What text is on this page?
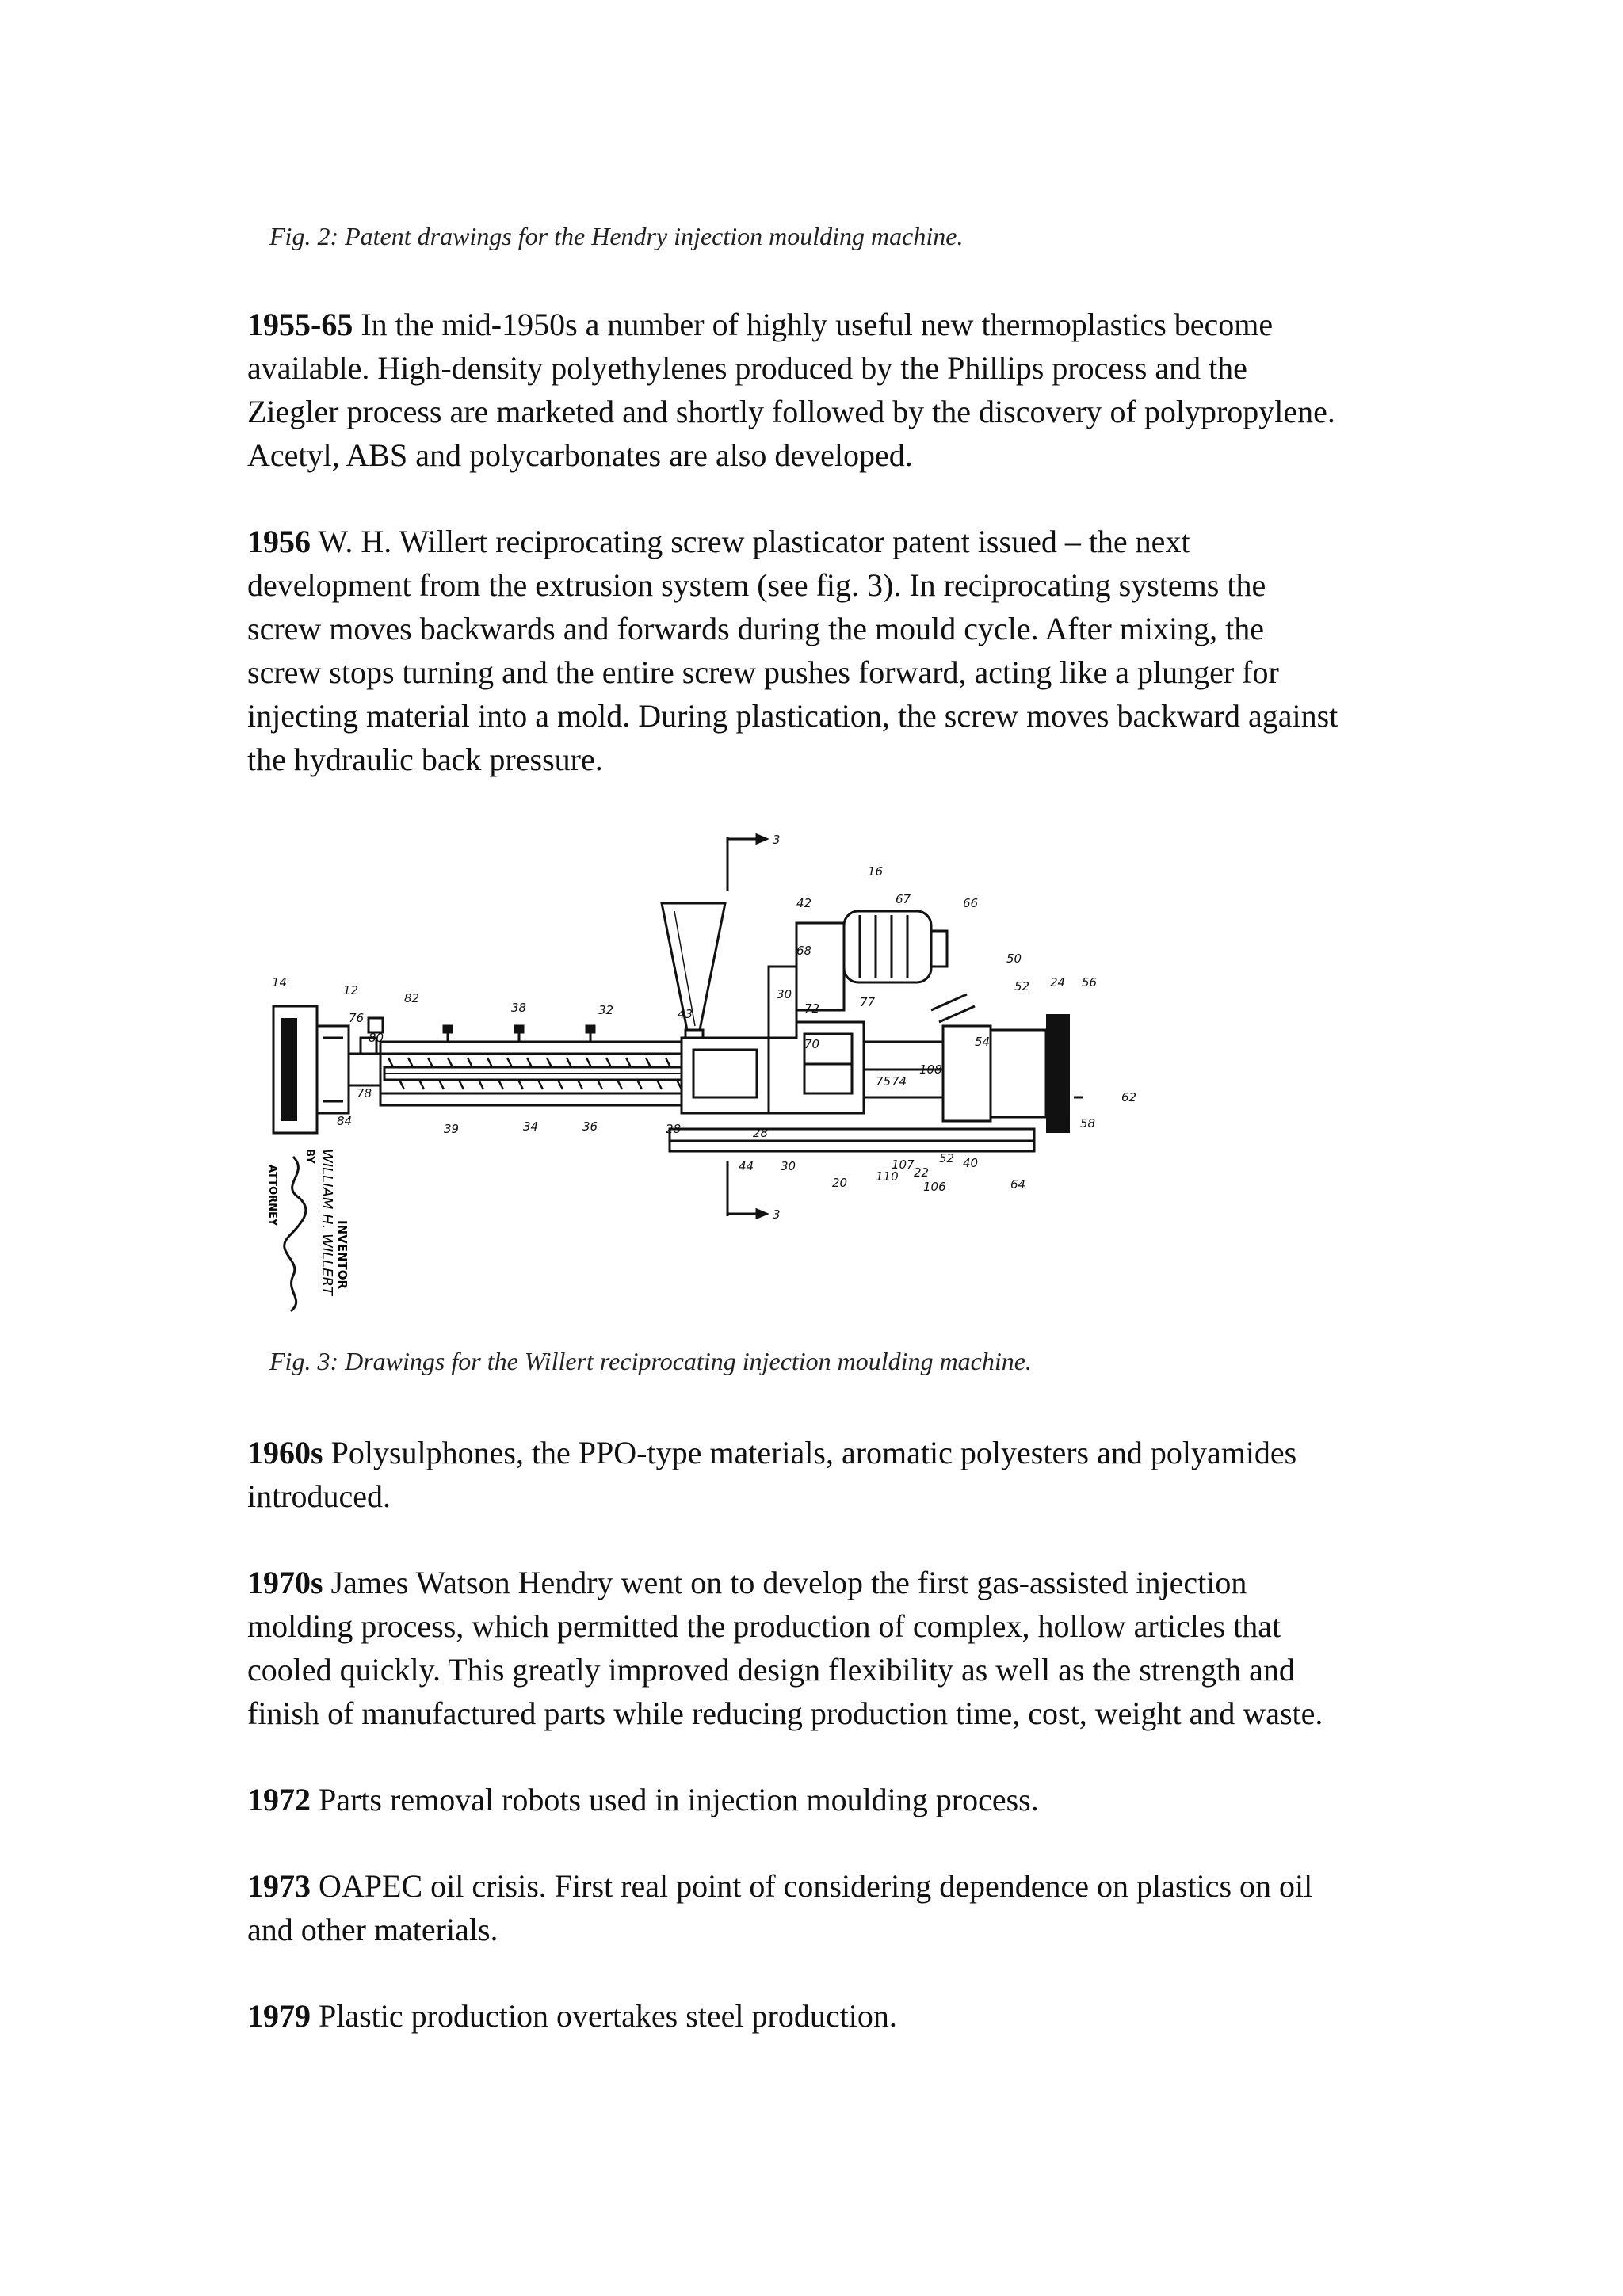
Fig. 2: Patent drawings for the Hendry injection moulding machine.

1955-65 In the mid-1950s a number of highly useful new thermoplastics become
available. High-density polyethylenes produced by the Phillips process and the
Ziegler process are marketed and shortly followed by the discovery of polypropylene.
Acetyl, ABS and polycarbonates are also developed.

1956 W. H. Willert reciprocating screw plasticator patent issued – the next
development from the extrusion system (see fig. 3). In reciprocating systems the
screw moves backwards and forwards during the mould cycle. After mixing, the
screw stops turning and the entire screw pushes forward, acting like a plunger for
injecting material into a mold. During plastication, the screw moves backward against
the hydraulic back pressure.

3
16
67	66
42
68
50
14
12
82
38	32	43
30
72	77
52 24 56
76
80	70	54
75 74
108
78
84
62
39	34	36	28	28
44 30
20 110
107
22
52 40
106	64
60 58
3
INVENTOR
WILLIAM H. WILLERT
BY
ATTORNEY
Fig. 3: Drawings for the Willert reciprocating injection moulding machine.

1960s Polysulphones, the PPO-type materials, aromatic polyesters and polyamides
introduced.

1970s James Watson Hendry went on to develop the first gas-assisted injection
molding process, which permitted the production of complex, hollow articles that
cooled quickly. This greatly improved design flexibility as well as the strength and
finish of manufactured parts while reducing production time, cost, weight and waste.

1972 Parts removal robots used in injection moulding process.

1973 OAPEC oil crisis. First real point of considering dependence on plastics on oil
and other materials.

1979 Plastic production overtakes steel production.
